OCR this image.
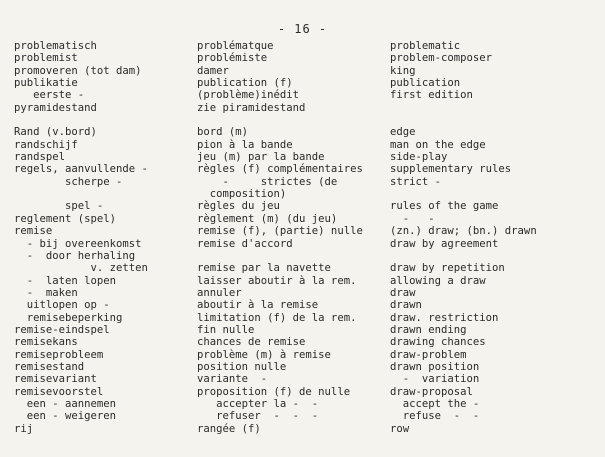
- 16 -
problematisch
problemist
promoveren (tot dam)
publikatie
eerste -
pyramidestand
Rand (v.bord)
randschijf
randspel
regels, aanvullende -
scherpe -
spel -
reglement (spel)
remise
- bij overeenkomst
-  door herhaling
v. zetten
-  laten lopen
-  maken
uitlopen op -
remisebeperking
remise-eindspel
remisekans
remiseprobleem
remisestand
remisevariant
remisevoorstel
een - aannemen
een - weigeren
rij
problématque
problémiste
damer
publication (f)
(problème)inédit
zie piramidestand
bord (m)
pion à la bande
jeu (m) par la bande
règles (f) complémentaires
-     strictes (de
composition)
règles du jeu
règlement (m) (du jeu)
remise (f), (partie) nulle
remise d'accord
remise par la navette
laisser aboutir à la rem.
annuler
aboutir à la remise
limitation (f) de la rem.
fin nulle
chances de remise
problème (m) à remise
position nulle
variante  -
proposition (f) de nulle
accepter la -  -
refuser  -  -  -
rangée (f)
problematic
problem-composer
king
publication
first edition
edge
man on the edge
side-play
supplementary rules
strict -
rules of the game
-   -
(zn.) draw; (bn.) drawn
draw by agreement
draw by repetition
allowing a draw
draw
drawn
draw. restriction
drawn ending
drawing chances
draw-problem
drawn position
-  variation
draw-proposal
accept the -
refuse  -  -
row
